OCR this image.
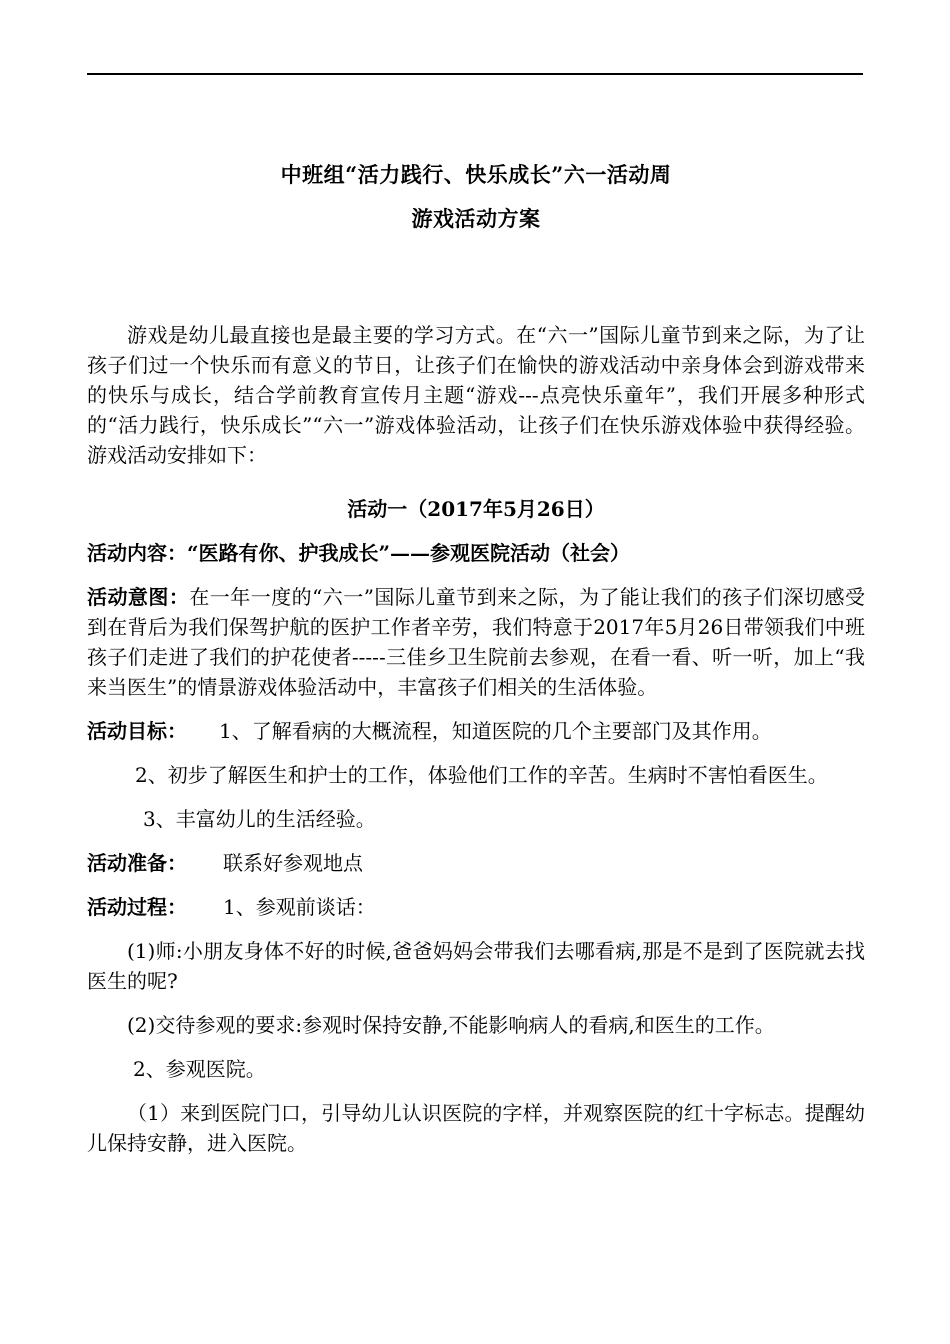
中班组“活力践行、快乐成长”六一活动周
游戏活动方案

游戏是幼儿最直接也是最主要的学习方式。在“六一”国际儿童节到来之际，为了让孩子们过一个快乐而有意义的节日，让孩子们在愉快的游戏活动中亲身体会到游戏带来的快乐与成长，结合学前教育宣传月主题“游戏---点亮快乐童年”，我们开展多种形式的“活力践行，快乐成长”“六一”游戏体验活动，让孩子们在快乐游戏体验中获得经验。游戏活动安排如下：

活动一（2017年5月26日）

活动内容：“医路有你、护我成长”——参观医院活动（社会）

活动意图：在一年一度的“六一”国际儿童节到来之际，为了能让我们的孩子们深切感受到在背后为我们保驾护航的医护工作者辛劳，我们特意于2017年5月26日带领我们中班孩子们走进了我们的护花使者-----三佳乡卫生院前去参观，在看一看、听一听，加上“我来当医生”的情景游戏体验活动中，丰富孩子们相关的生活体验。

活动目标： 1、了解看病的大概流程，知道医院的几个主要部门及其作用。

2、初步了解医生和护士的工作，体验他们工作的辛苦。生病时不害怕看医生。

3、丰富幼儿的生活经验。

活动准备： 联系好参观地点

活动过程： 1、参观前谈话：

(1)师:小朋友身体不好的时候,爸爸妈妈会带我们去哪看病,那是不是到了医院就去找医生的呢?

(2)交待参观的要求:参观时保持安静,不能影响病人的看病,和医生的工作。

2、参观医院。

（1）来到医院门口，引导幼儿认识医院的字样，并观察医院的红十字标志。提醒幼儿保持安静，进入医院。
